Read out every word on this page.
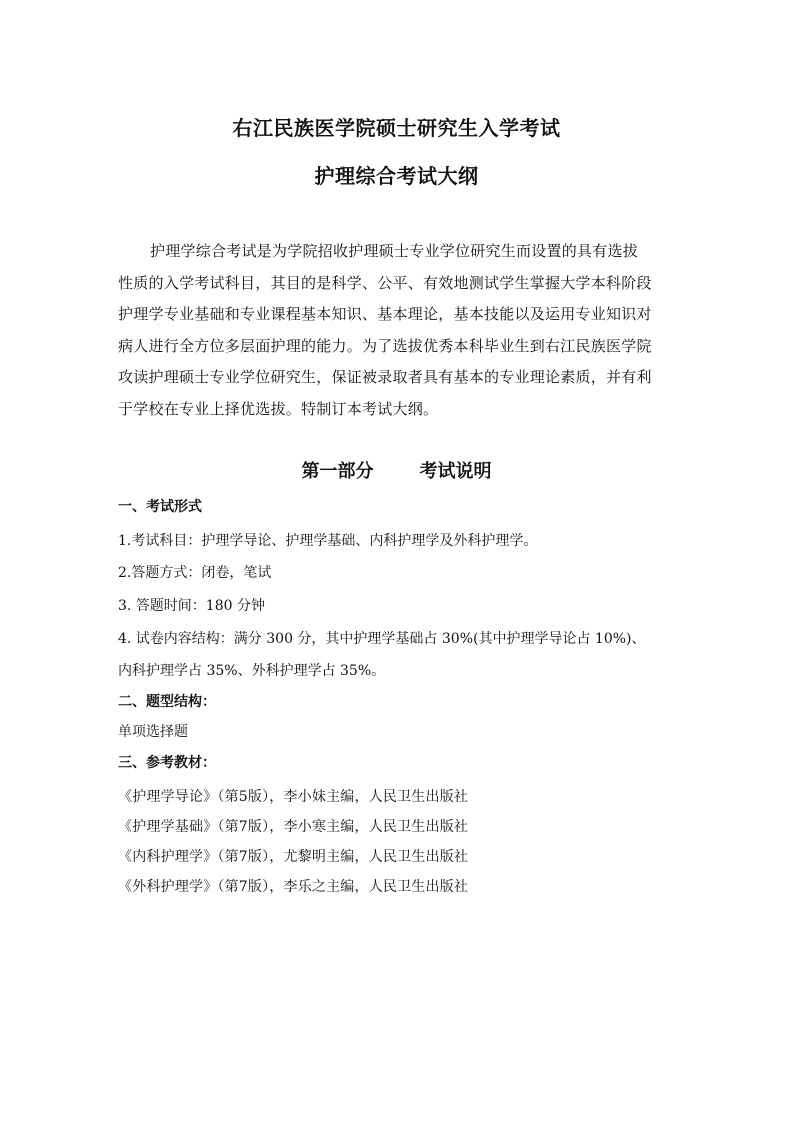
右江民族医学院硕士研究生入学考试
护理综合考试大纲
护理学综合考试是为学院招收护理硕士专业学位研究生而设置的具有选拔
性质的入学考试科目，其目的是科学、公平、有效地测试学生掌握大学本科阶段
护理学专业基础和专业课程基本知识、基本理论，基本技能以及运用专业知识对
病人进行全方位多层面护理的能力。为了选拔优秀本科毕业生到右江民族医学院
攻读护理硕士专业学位研究生，保证被录取者具有基本的专业理论素质，并有利
于学校在专业上择优选拔。特制订本考试大纲。
第一部分	考试说明
一、考试形式
1.考试科目：护理学导论、护理学基础、内科护理学及外科护理学。
2.答题方式：闭卷，笔试
3. 答题时间：180 分钟
4. 试卷内容结构：满分 300 分，其中护理学基础占 30%(其中护理学导论占 10%)、
内科护理学占 35%、外科护理学占 35%。
二、题型结构：
单项选择题
三、参考教材：
《护理学导论》（第5版），李小妹主编，人民卫生出版社
《护理学基础》（第7版），李小寒主编，人民卫生出版社
《内科护理学》（第7版），尤黎明主编，人民卫生出版社
《外科护理学》（第7版），李乐之主编，人民卫生出版社
